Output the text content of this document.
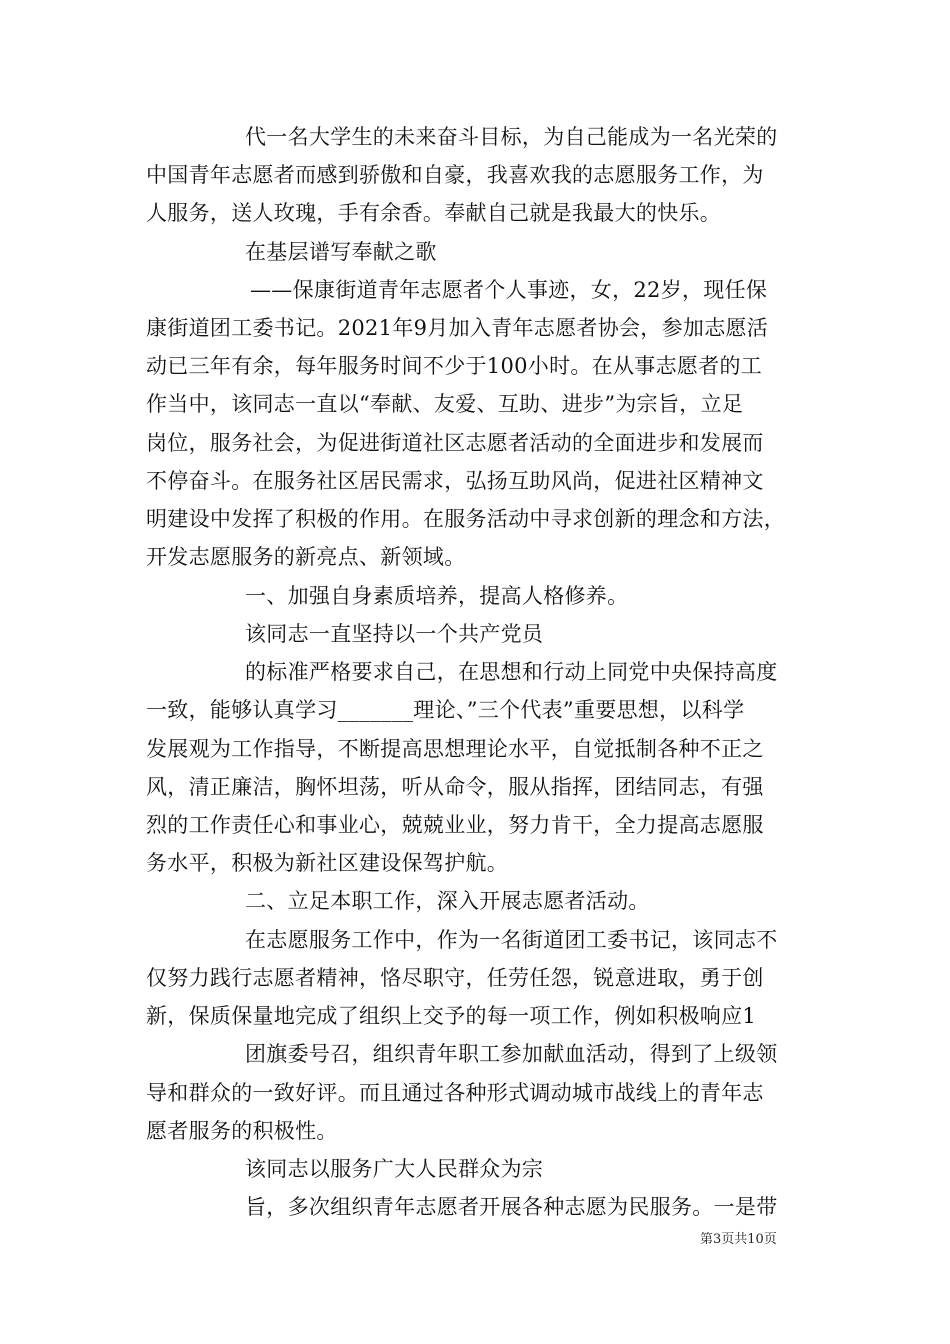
代一名大学生的未来奋斗目标，为自己能成为一名光荣的
中国青年志愿者而感到骄傲和自豪，我喜欢我的志愿服务工作，为
人服务，送人玫瑰，手有余香。奉献自己就是我最大的快乐。
在基层谱写奉献之歌
——保康街道青年志愿者个人事迹，女，22岁，现任保
康街道团工委书记。2021年9月加入青年志愿者协会，参加志愿活
动已三年有余，每年服务时间不少于100小时。在从事志愿者的工
作当中，该同志一直以“奉献、友爱、互助、进步”为宗旨，立足
岗位，服务社会，为促进街道社区志愿者活动的全面进步和发展而
不停奋斗。在服务社区居民需求，弘扬互助风尚，促进社区精神文
明建设中发挥了积极的作用。在服务活动中寻求创新的理念和方法，
开发志愿服务的新亮点、新领域。
一、加强自身素质培养，提高人格修养。
该同志一直坚持以一个共产党员
的标准严格要求自己，在思想和行动上同党中央保持高度
一致，能够认真学习_______理论、”三个代表”重要思想，以科学
发展观为工作指导，不断提高思想理论水平，自觉抵制各种不正之
风，清正廉洁，胸怀坦荡，听从命令，服从指挥，团结同志，有强
烈的工作责任心和事业心，兢兢业业，努力肯干，全力提高志愿服
务水平，积极为新社区建设保驾护航。
二、立足本职工作，深入开展志愿者活动。
在志愿服务工作中，作为一名街道团工委书记，该同志不
仅努力践行志愿者精神，恪尽职守，任劳任怨，锐意进取，勇于创
新，保质保量地完成了组织上交予的每一项工作，例如积极响应1
团旗委号召，组织青年职工参加献血活动，得到了上级领
导和群众的一致好评。而且通过各种形式调动城市战线上的青年志
愿者服务的积极性。
该同志以服务广大人民群众为宗
旨，多次组织青年志愿者开展各种志愿为民服务。一是带
第3页共10页
